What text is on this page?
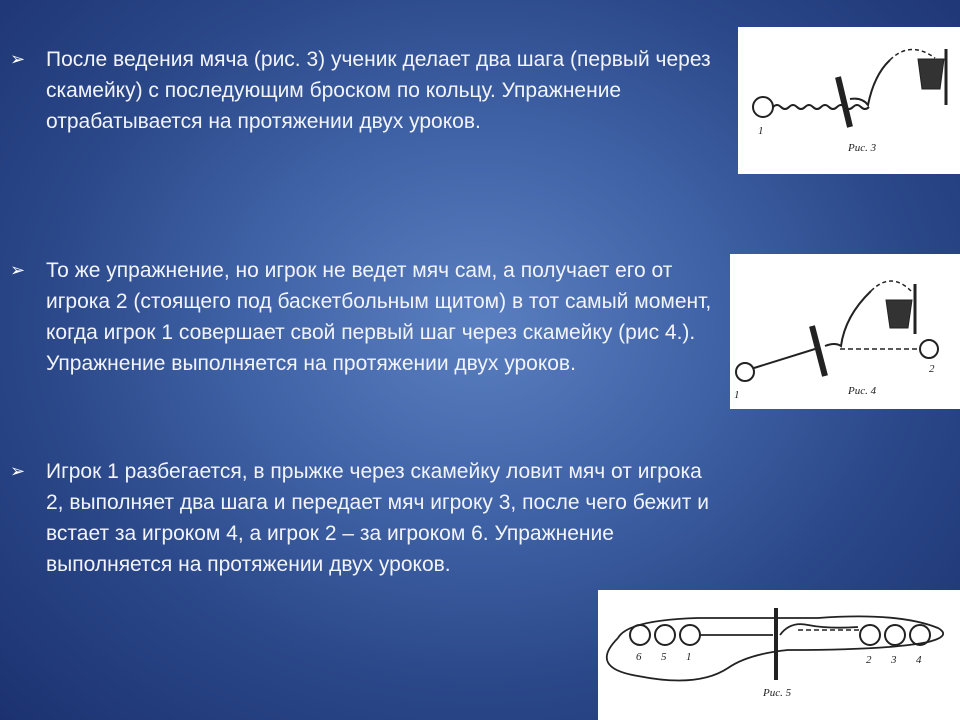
➢ После ведения мяча (рис. 3) ученик делает два шага (первый через скамейку) с последующим броском по кольцу. Упражнение отрабатывается на протяжении двух уроков.
➢ То же упражнение, но игрок не ведет мяч сам, а получает его от игрока 2 (стоящего под баскетбольным щитом) в тот самый момент, когда игрок 1 совершает свой первый шаг через скамейку (рис 4.). Упражнение выполняется на протяжении двух уроков.
➢ Игрок 1 разбегается, в прыжке через скамейку ловит мяч от игрока 2, выполняет два шага и передает мяч игроку 3, после чего бежит и встает за игроком 4, а игрок 2 – за игроком 6. Упражнение выполняется на протяжении двух уроков.
1
Рис. 3
1
2
Рис. 4
6 5 1	2 3 4
Рис. 5
